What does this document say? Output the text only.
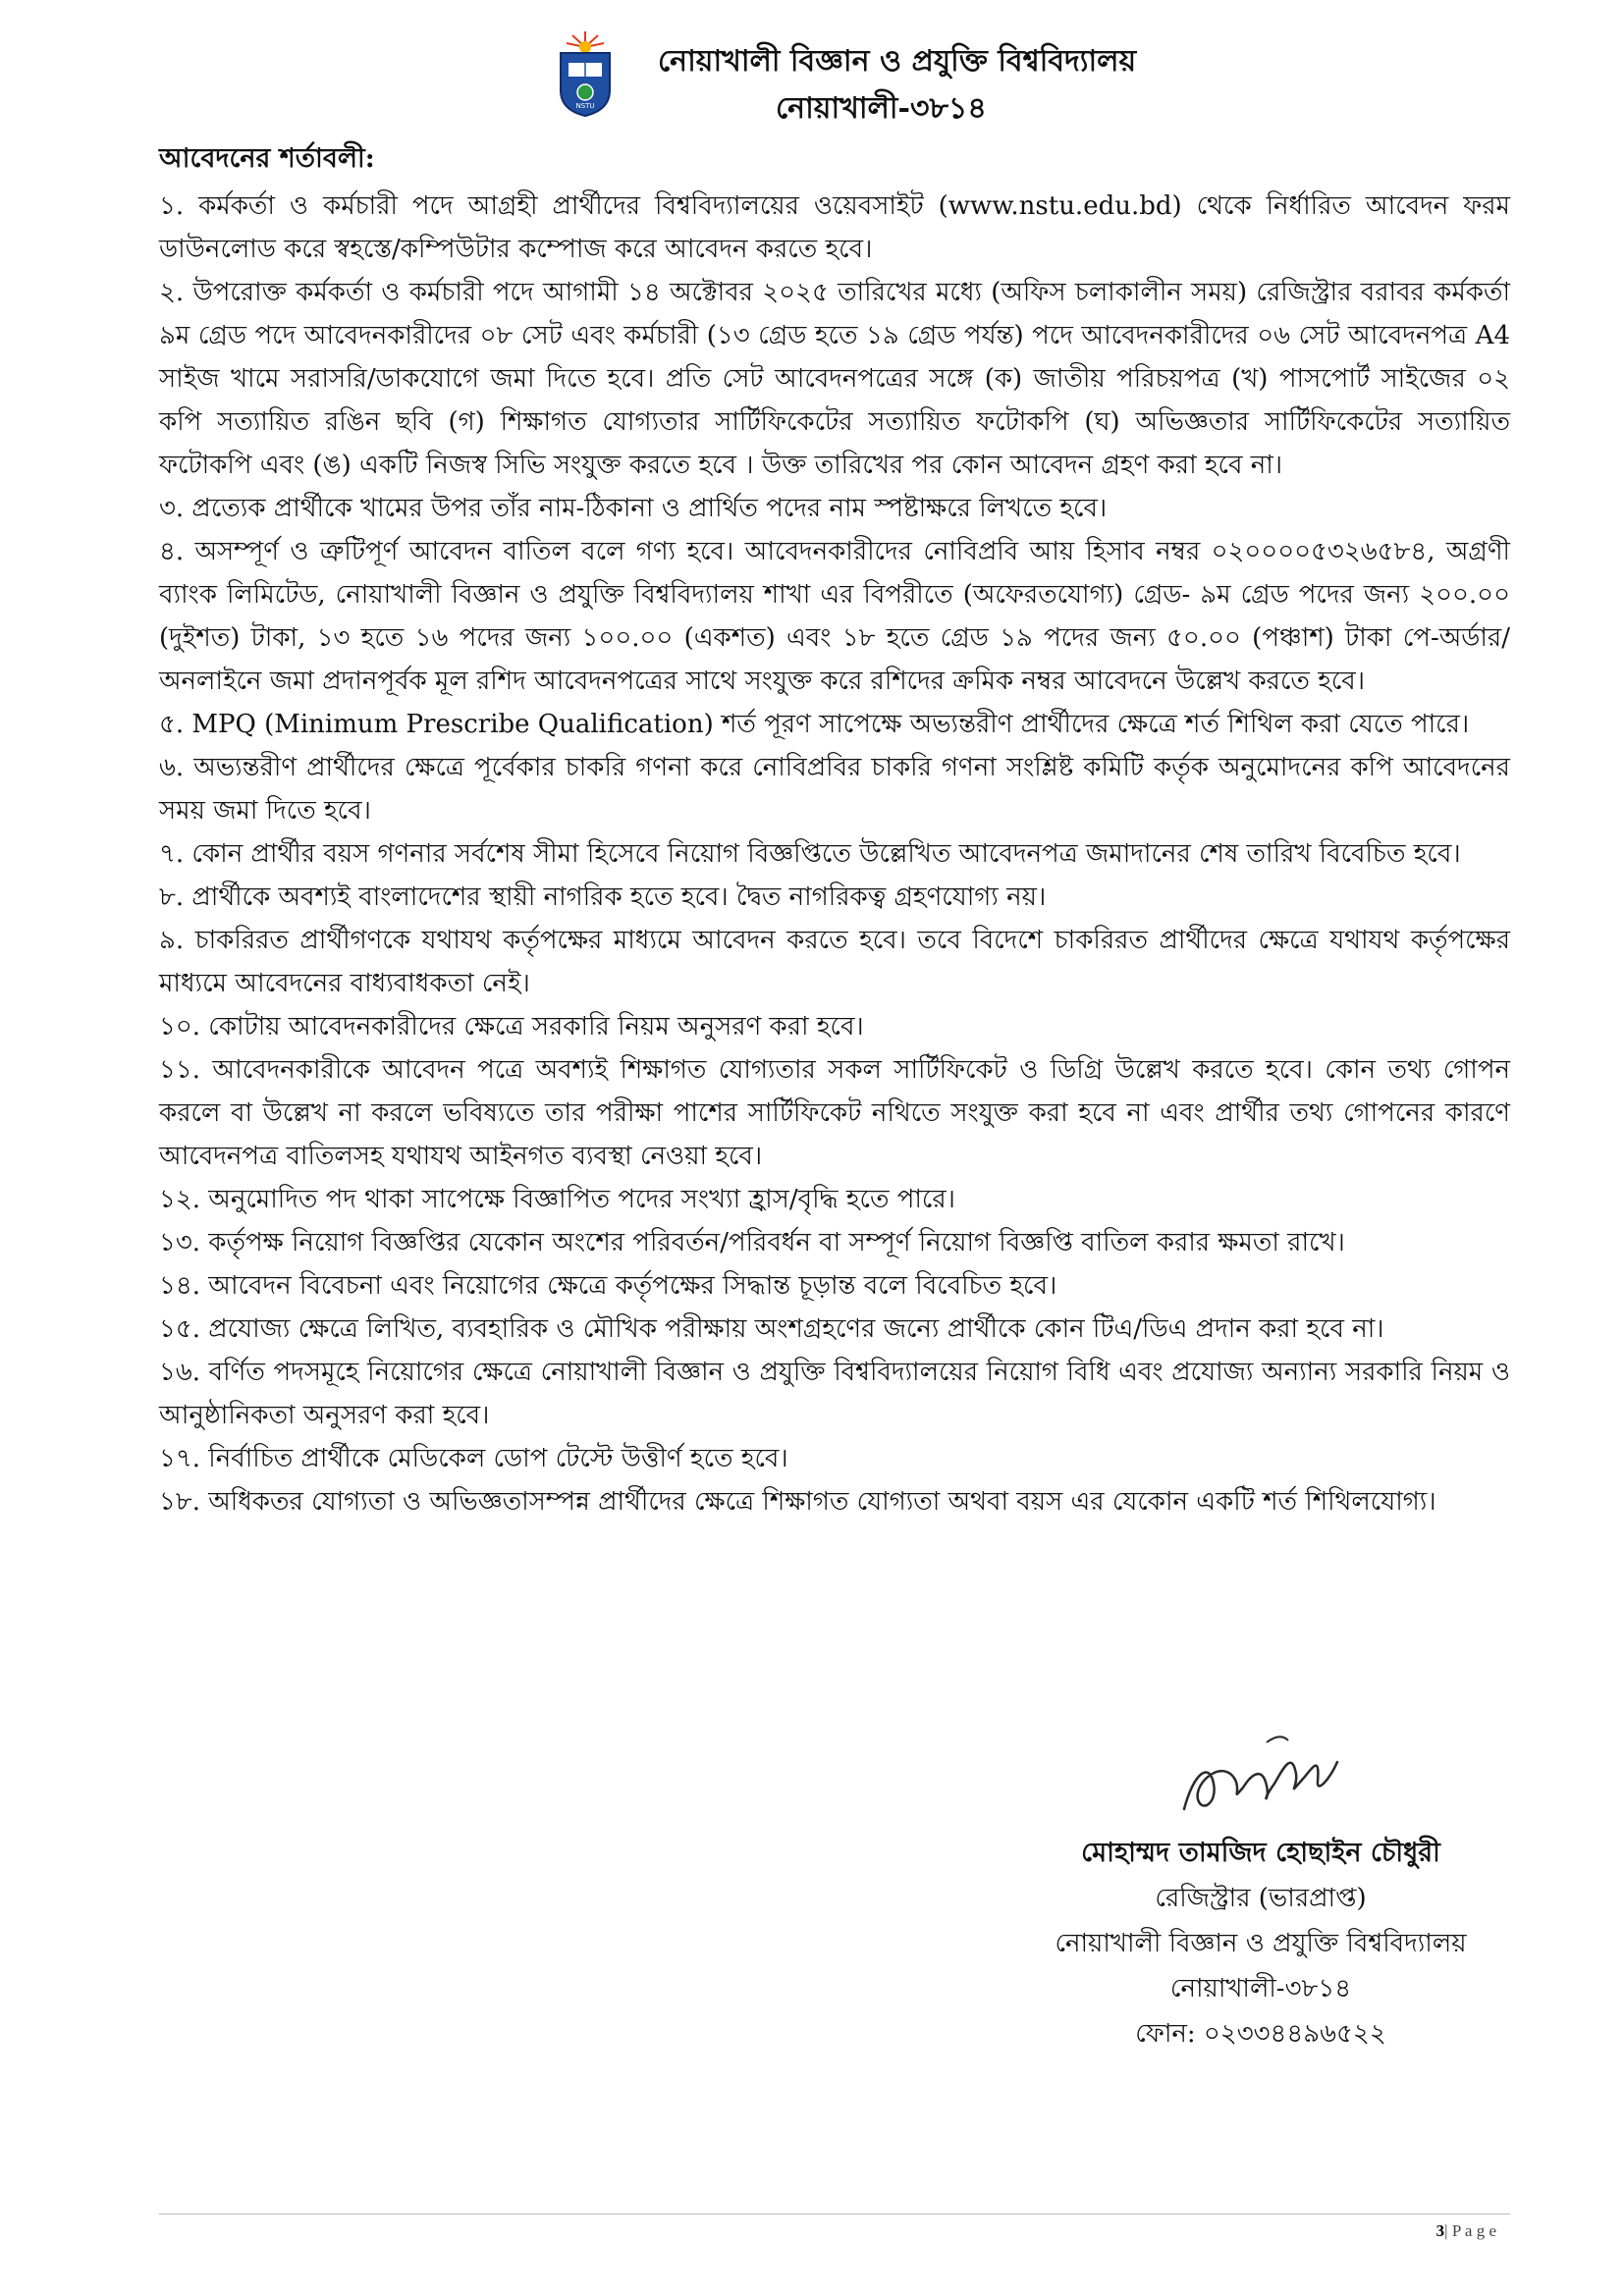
NSTU
নোয়াখালী বিজ্ঞান ও প্রযুক্তি বিশ্ববিদ্যালয়
নোয়াখালী-৩৮১৪
আবেদনের শর্তাবলী:

১. কর্মকর্তা ও কর্মচারী পদে আগ্রহী প্রার্থীদের বিশ্ববিদ্যালয়ের ওয়েবসাইট (www.nstu.edu.bd) থেকে নির্ধারিত আবেদন ফরম ডাউনলোড করে স্বহস্তে/কম্পিউটার কম্পোজ করে আবেদন করতে হবে।

২. উপরোক্ত কর্মকর্তা ও কর্মচারী পদে আগামী ১৪ অক্টোবর ২০২৫ তারিখের মধ্যে (অফিস চলাকালীন সময়) রেজিস্ট্রার বরাবর কর্মকর্তা ৯ম গ্রেড পদে আবেদনকারীদের ০৮ সেট এবং কর্মচারী (১৩ গ্রেড হতে ১৯ গ্রেড পর্যন্ত) পদে আবেদনকারীদের ০৬ সেট আবেদনপত্র A4 সাইজ খামে সরাসরি/ডাকযোগে জমা দিতে হবে। প্রতি সেট আবেদনপত্রের সঙ্গে (ক) জাতীয় পরিচয়পত্র (খ) পাসপোর্ট সাইজের ০২ কপি সত্যায়িত রঙিন ছবি (গ) শিক্ষাগত যোগ্যতার সার্টিফিকেটের সত্যায়িত ফটোকপি (ঘ) অভিজ্ঞতার সার্টিফিকেটের সত্যায়িত ফটোকপি এবং (ঙ) একটি নিজস্ব সিভি সংযুক্ত করতে হবে । উক্ত তারিখের পর কোন আবেদন গ্রহণ করা হবে না।

৩. প্রত্যেক প্রার্থীকে খামের উপর তাঁর নাম-ঠিকানা ও প্রার্থিত পদের নাম স্পষ্টাক্ষরে লিখতে হবে।

৪. অসম্পূর্ণ ও ত্রুটিপূর্ণ আবেদন বাতিল বলে গণ্য হবে। আবেদনকারীদের নোবিপ্রবি আয় হিসাব নম্বর ০২০০০০৫৩২৬৫৮৪, অগ্রণী ব্যাংক লিমিটেড, নোয়াখালী বিজ্ঞান ও প্রযুক্তি বিশ্ববিদ্যালয় শাখা এর বিপরীতে (অফেরতযোগ্য) গ্রেড- ৯ম গ্রেড পদের জন্য ২০০.০০ (দুইশত) টাকা, ১৩ হতে ১৬ পদের জন্য ১০০.০০ (একশত) এবং ১৮ হতে গ্রেড ১৯ পদের জন্য ৫০.০০ (পঞ্চাশ) টাকা পে-অর্ডার/অনলাইনে জমা প্রদানপূর্বক মূল রশিদ আবেদনপত্রের সাথে সংযুক্ত করে রশিদের ক্রমিক নম্বর আবেদনে উল্লেখ করতে হবে।

৫. MPQ (Minimum Prescribe Qualification) শর্ত পূরণ সাপেক্ষে অভ্যন্তরীণ প্রার্থীদের ক্ষেত্রে শর্ত শিথিল করা যেতে পারে।

৬. অভ্যন্তরীণ প্রার্থীদের ক্ষেত্রে পূর্বেকার চাকরি গণনা করে নোবিপ্রবির চাকরি গণনা সংশ্লিষ্ট কমিটি কর্তৃক অনুমোদনের কপি আবেদনের সময় জমা দিতে হবে।

৭. কোন প্রার্থীর বয়স গণনার সর্বশেষ সীমা হিসেবে নিয়োগ বিজ্ঞপ্তিতে উল্লেখিত আবেদনপত্র জমাদানের শেষ তারিখ বিবেচিত হবে।

৮. প্রার্থীকে অবশ্যই বাংলাদেশের স্থায়ী নাগরিক হতে হবে। দ্বৈত নাগরিকত্ব গ্রহণযোগ্য নয়।

৯. চাকরিরত প্রার্থীগণকে যথাযথ কর্তৃপক্ষের মাধ্যমে আবেদন করতে হবে। তবে বিদেশে চাকরিরত প্রার্থীদের ক্ষেত্রে যথাযথ কর্তৃপক্ষের মাধ্যমে আবেদনের বাধ্যবাধকতা নেই।

১০. কোটায় আবেদনকারীদের ক্ষেত্রে সরকারি নিয়ম অনুসরণ করা হবে।

১১. আবেদনকারীকে আবেদন পত্রে অবশ্যই শিক্ষাগত যোগ্যতার সকল সার্টিফিকেট ও ডিগ্রি উল্লেখ করতে হবে। কোন তথ্য গোপন করলে বা উল্লেখ না করলে ভবিষ্যতে তার পরীক্ষা পাশের সার্টিফিকেট নথিতে সংযুক্ত করা হবে না এবং প্রার্থীর তথ্য গোপনের কারণে আবেদনপত্র বাতিলসহ যথাযথ আইনগত ব্যবস্থা নেওয়া হবে।

১২. অনুমোদিত পদ থাকা সাপেক্ষে বিজ্ঞাপিত পদের সংখ্যা হ্রাস/বৃদ্ধি হতে পারে।

১৩. কর্তৃপক্ষ নিয়োগ বিজ্ঞপ্তির যেকোন অংশের পরিবর্তন/পরিবর্ধন বা সম্পূর্ণ নিয়োগ বিজ্ঞপ্তি বাতিল করার ক্ষমতা রাখে।

১৪. আবেদন বিবেচনা এবং নিয়োগের ক্ষেত্রে কর্তৃপক্ষের সিদ্ধান্ত চূড়ান্ত বলে বিবেচিত হবে।

১৫. প্রযোজ্য ক্ষেত্রে লিখিত, ব্যবহারিক ও মৌখিক পরীক্ষায় অংশগ্রহণের জন্যে প্রার্থীকে কোন টিএ/ডিএ প্রদান করা হবে না।

১৬. বর্ণিত পদসমূহে নিয়োগের ক্ষেত্রে নোয়াখালী বিজ্ঞান ও প্রযুক্তি বিশ্ববিদ্যালয়ের নিয়োগ বিধি এবং প্রযোজ্য অন্যান্য সরকারি নিয়ম ও আনুষ্ঠানিকতা অনুসরণ করা হবে।

১৭. নির্বাচিত প্রার্থীকে মেডিকেল ডোপ টেস্টে উত্তীর্ণ হতে হবে।

১৮. অধিকতর যোগ্যতা ও অভিজ্ঞতাসম্পন্ন প্রার্থীদের ক্ষেত্রে শিক্ষাগত যোগ্যতা অথবা বয়স এর যেকোন একটি শর্ত শিথিলযোগ্য।

মোহাম্মদ তামজিদ হোছাইন চৌধুরী
রেজিস্ট্রার (ভারপ্রাপ্ত)
নোয়াখালী বিজ্ঞান ও প্রযুক্তি বিশ্ববিদ্যালয়
নোয়াখালী-৩৮১৪
ফোন: ০২৩৩৪৪৯৬৫২২
3| P a g e
